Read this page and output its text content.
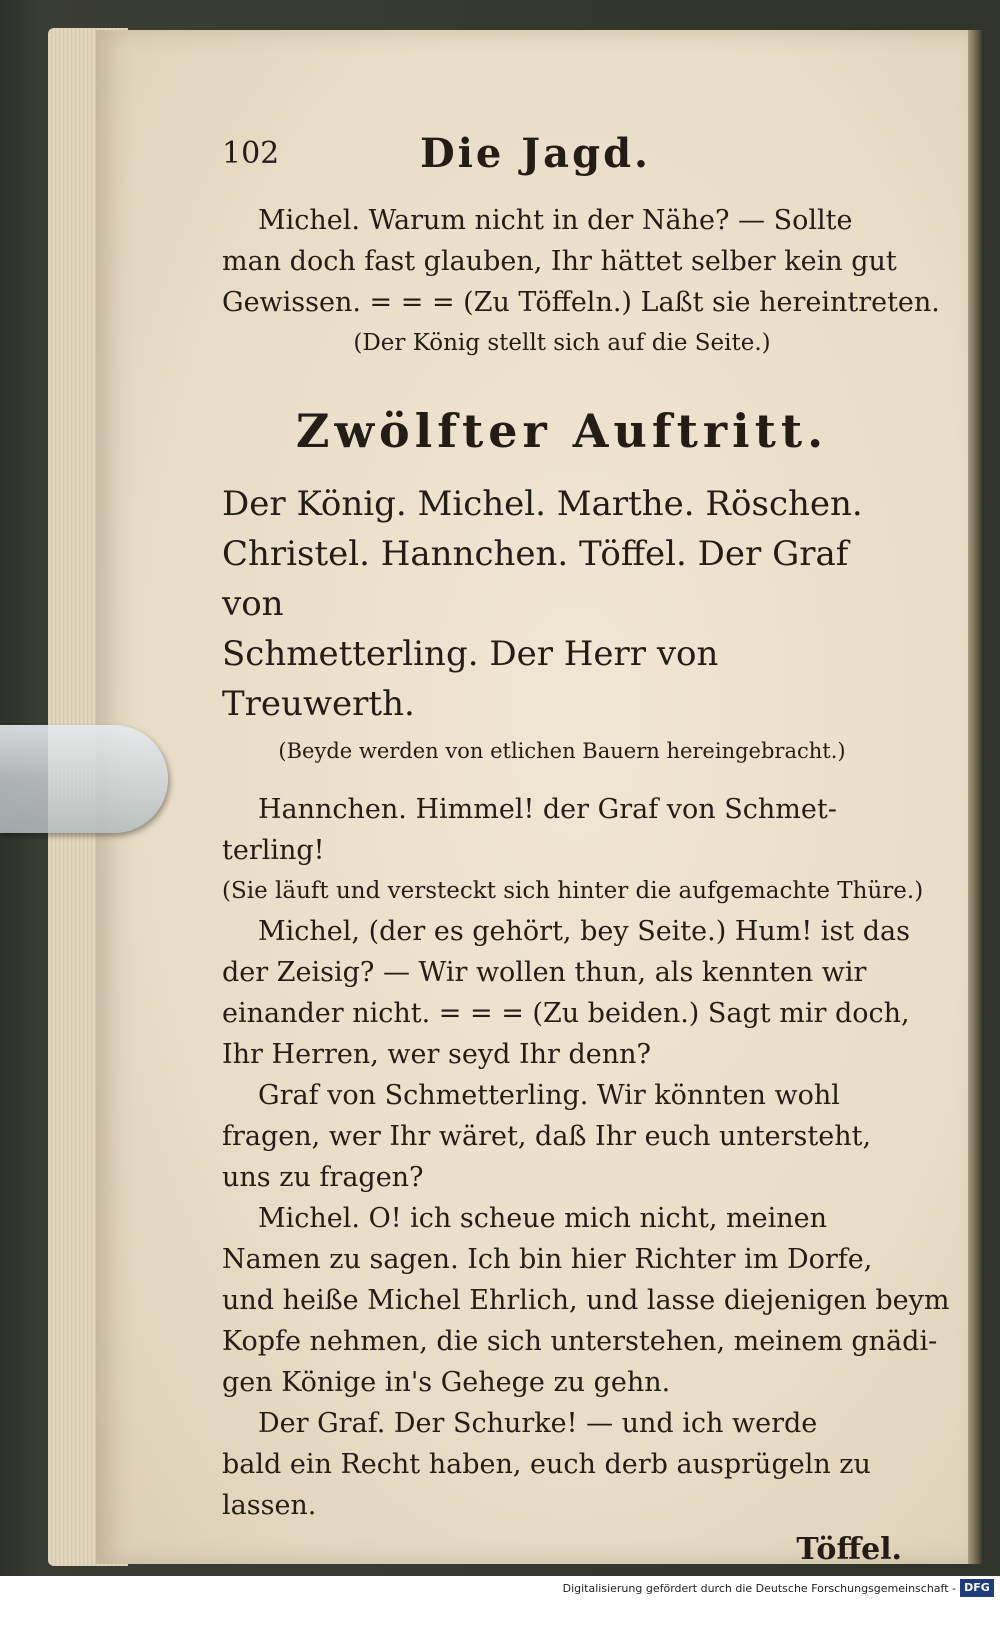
102	Die Jagd.
Michel. Warum nicht in der Nähe? — Sollte
man doch fast glauben, Ihr hättet selber kein gut
Gewissen. = = = (Zu Töffeln.) Laßt sie hereintreten.
(Der König stellt sich auf die Seite.)
Zwölfter Auftritt.
Der König. Michel. Marthe. Röschen.
Christel. Hannchen. Töffel. Der Graf von
Schmetterling. Der Herr von Treuwerth.
(Beyde werden von etlichen Bauern hereingebracht.)
Hannchen. Himmel! der Graf von Schmet-
terling!
(Sie läuft und versteckt sich hinter die aufgemachte Thüre.)
Michel, (der es gehört, bey Seite.) Hum! ist das
der Zeisig? — Wir wollen thun, als kennten wir
einander nicht. = = = (Zu beiden.) Sagt mir doch,
Ihr Herren, wer seyd Ihr denn?
Graf von Schmetterling. Wir könnten wohl
fragen, wer Ihr wäret, daß Ihr euch untersteht,
uns zu fragen?
Michel. O! ich scheue mich nicht, meinen
Namen zu sagen. Ich bin hier Richter im Dorfe,
und heiße Michel Ehrlich, und lasse diejenigen beym
Kopfe nehmen, die sich unterstehen, meinem gnädi-
gen Könige in's Gehege zu gehn.
Der Graf. Der Schurke! — und ich werde
bald ein Recht haben, euch derb ausprügeln zu
lassen.
Töffel.
Digitalisierung gefördert durch die Deutsche Forschungsgemeinschaft - DFG
